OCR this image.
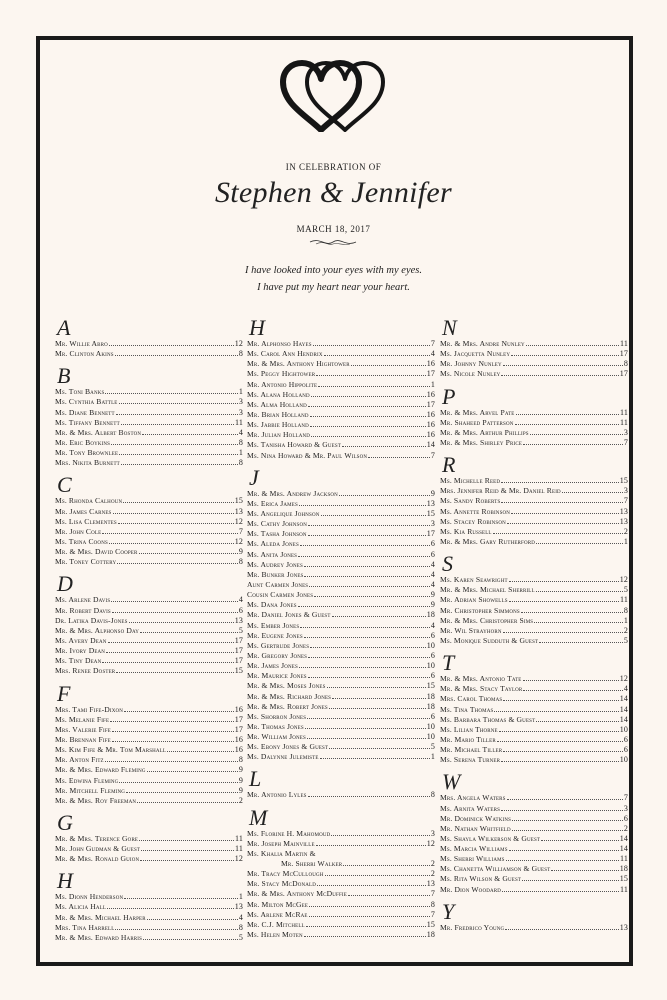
IN CELEBRATION OF
Stephen & Jennifer
MARCH 18, 2017
I have looked into your eyes with my eyes.
I have put my heart near your heart.
A
Mr. Willie Abro	12
Mr. Clinton Akins	8
B
Ms. Toni Banks	1
Ms. Cynthia Battle	3
Ms. Diane Bennett	3
Ms. Tiffany Bennett	11
Mr. & Mrs. Albert Boston	4
Mr. Eric Boykins	8
Mr. Tony Brownlee	1
Mrs. Nikita Burnett	8
C
Ms. Rhonda Calhoun	15
Mr. James Carnes	13
Ms. Lisa Clementes	12
Mr. John Cole	7
Ms. Trina Coons	12
Mr. & Mrs. David Cooper	9
Mr. Toney Cottery	8
D
Ms. Arlene Davis	4
Mr. Robert Davis	6
Dr. Latika Davis-Jones	13
Mr. & Mrs. Alphonso Day	5
Ms. Avery Dean	17
Mr. Ivory Dean	17
Ms. Tiny Dean	17
Mrs. Renee Doster	15
F
Mrs. Tami Fife-Dixon	16
Ms. Melanie Fife	17
Mrs. Valerie Fife	17
Mr. Brennan Fife	16
Ms. Kim Fife & Mr. Tom Marshall	16
Mr. Anton Fitz	8
Mr. & Mrs. Edward Fleming	9
Ms. Edwina Fleming	9
Mr. Mitchell Fleming	9
Mr. & Mrs. Roy Freeman	2
G
Mr. & Mrs. Terence Gore	11
Mr. John Gudman & Guest	11
Mr. & Mrs. Ronald Guion	12
H
Ms. Dionn Henderson	1
Ms. Alicia Hall	13
Mr. & Mrs. Michael Harper	4
Mrs. Tina Harrell	8
Mr. & Mrs. Edward Harris	5
H
Mr. Alphonso Hayes	7
Ms. Carol Ann Hendrix	4
Mr. & Mrs. Anthony Hightower	16
Ms. Peggy Hightower	17
Mr. Antonio Hippolite	1
Ms. Alana Holland	16
Ms. Alma Holland	17
Mr. Brian Holland	16
Ms. Jabbie Holland	16
Mr. Julian Holland	16
Ms. Tanisha Howard & Guest	14
Ms. Nina Howard & Mr. Paul Wilson	7
J
Mr. & Mrs. Andrew Jackson	9
Ms. Erica James	13
Ms. Angelique Johnson	15
Ms. Cathy Johnson	3
Ms. Tasha Johnson	17
Ms. Aleda Jones	6
Ms. Anita Jones	6
Ms. Audrey Jones	4
Mr. Bunker Jones	4
Aunt Carmen Jones	4
Cousin Carmen Jones	9
Ms. Dana Jones	9
Mr. Daniel Jones & Guest	18
Ms. Ember Jones	4
Mr. Eugene Jones	6
Ms. Gertrude Jones	10
Mr. Gregory Jones	6
Mr. James Jones	10
Mr. Maurice Jones	6
Mr. & Mrs. Moses Jones	15
Mr. & Mrs. Richard Jones	18
Mr. & Mrs. Robert Jones	18
Ms. Shorron Jones	6
Mr. Thomas Jones	10
Mr. William Jones	10
Ms. Ebony Jones & Guest	5
Ms. Dalynne Julemiste	1
L
Mr. Antonio Lyles	8
M
Ms. Florine H. Mahomoud	3
Mr. Joseph Mainville	12
Ms. Khalia Martin &
Mr. Sherri Walker	2
Mr. Tracy McCullough	2
Mr. Stacy McDonald	13
Mr. & Mrs. Anthony McDuffie	7
Mr. Milton McGee	8
Ms. Arlene McRae	7
Mr. C.J. Mitchell	15
Ms. Helen Moten	18
N
Mr. & Mrs. Andre Nunley	11
Ms. Jacquetta Nunley	17
Mr. Johnny Nunley	8
Ms. Nicole Nunley	17
P
Mr. & Mrs. Arvel Pate	11
Mr. Shaheed Patterson	11
Mr. & Mrs. Arthur Phillips	3
Mr. & Mrs. Shirley Price	7
R
Ms. Michelle Reed	15
Mrs. Jennifer Reid & Mr. Daniel Reid	3
Ms. Sandy Roberts	7
Ms. Annette Robinson	13
Ms. Stacey Robinson	13
Ms. Kia Russell	2
Mr. & Mrs. Gary Rutherford	1
S
Ms. Karen Seawright	12
Mr. & Mrs. Michael Sherrill	5
Mr. Adrian Showells	11
Mr. Christopher Simmons	8
Mr. & Mrs. Christopher Sims	1
Mr. Wil Strayhorn	2
Ms. Monique Sudduth & Guest	5
T
Mr. & Mrs. Antonio Tate	12
Mr. & Mrs. Stacy Taylor	4
Mrs. Carol Thomas	14
Ms. Tina Thomas	14
Ms. Barbara Thomas & Guest	14
Ms. Lilian Thorne	10
Mr. Mario Tiller	6
Mr. Michael Tiller	6
Ms. Serena Turner	10
W
Mrs. Angela Waters	7
Ms. Arnita Waters	3
Mr. Dominick Watkins	6
Mr. Nathan Whitfield	2
Ms. Shayla Wilkerson & Guest	14
Ms. Marcia Williams	14
Ms. Sherri Williams	11
Ms. Chanetta Williamson & Guest	18
Ms. Rita Wilson & Guest	15
Mr. Dion Woodard	11
Y
Mr. Fredrico Young	13
